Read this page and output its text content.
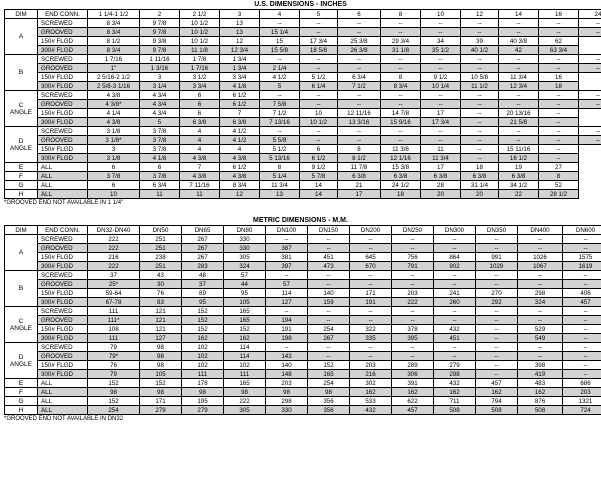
U.S. DIMENSIONS - INCHES
DIM	END CONN.	1 1/4-1 1/2	2	2 1/2	3	4	5	6	8	10	12	14	16	24
A	SCREWED	8 3/4	9 7/8	10 1/2	13	--	--	--	--	--	--	--	--	--
	GROOVED	8 3/4	9 7/8	10 1/2	13	15 1/4	--	--	--	--	--	--	--	--
	150# FLGD	8 1/2	9 3/8	10 1/2	12	15	17 3/4	25 3/8	29 3/4	34	39	40 3/8	62	
	300# FLGD	8 3/4	9 7/8	11 1/8	12 3/4	15 5/8	18 5/8	26 3/8	31 1/8	35 1/2	40 1/2	42	63 3/4	
B	SCREWED	1 7/16	1 11/16	1 7/8	1 3/4	--	--	--	--	--	--	--	--	--
	GROOVED	1"	1 3/16	1 7/16	1 3/4	2 1/4	--	--	--	--	--	--	--	--
	150# FLGD	2 5/16-2 1/2	3	3 1/2	3 3/4	4 1/2	5 1/2	6 3/4	8	9 1/2	10 5/8	11 3/4	16	
	300# FLGD	2 5/8-3 1/16	3 1/4	3 3/4	4 1/8	5	6 1/4	7 1/2	8 3/4	10 1/4	11 1/2	12 3/4	18	
C
ANGLE	SCREWED	4 3/8	4 3/4	6	6 1/2	--	--	--	--	--	--	--	--	--
	GROOVED	4 3/8*	4 3/4	6	6 1/2	7 5/8	--	--	--	--	--	--	--	--
	150# FLGD	4 1/4	4 3/4	6	7	7 1/2	10	12 11/16	14 7/8	17	--	20 13/16	--	
	300# FLGD	4 3/8	5	6 3/8	6 3/8	7 13/16	10 1/2	13 3/16	15 9/16	17 3/4	--	21 5/8	--	
D
ANGLE	SCREWED	3 1/8	3 7/8	4	4 1/2	--	--	--	--	--	--	--	--	--
	GROOVED	3 1/8*	3 7/8	4	4 1/2	5 5/8	--	--	--	--	--	--	--	--
	150# FLGD	3	3 7/8	4	4	5 1/2	6	8	11 3/8	11	--	15 11/16	--	
	300# FLGD	3 1/8	4 1/8	4 3/8	4 3/8	5 13/16	6 1/2	8 1/2	12 1/16	11 3/4	--	16 1/2	--	
E	ALL	6	6	7	6 1/2	8	9 1/2	11 7/8	15 3/8	17	18	19	27	
F	ALL	3 7/8	3 7/8	4 3/8	4 3/8	5 1/4	5 7/8	6 3/8	6 3/8	6 3/8	6 3/8	6 3/8	8	
G	ALL	6	6 3/4	7 11/16	8 3/4	11 3/4	14	21	24 1/2	28	31 1/4	34 1/2	52	
H	ALL	10	11	11	12	13	14	17	18	20	20	22	28 1/2	
*GROOVED END NOT AVAILABLE IN 1 1/4"
METRIC DIMENSIONS - M.M.
DIM	END CONN.	DN32-DN40	DN50	DN65	DN80	DN100	DN150	DN200	DN250	DN300	DN350	DN400	DN600
A	SCREWED	222	251	267	330	--	--	--	--	--	--	--	--
	GROOVED	222	251	267	330	387	--	--	--	--	--	--	--
	150# FLGD	216	238	267	305	381	451	645	756	864	991	1026	1575
	300# FLGD	222	251	283	324	397	473	670	791	902	1029	1067	1619
B	SCREWED	37	43	48	57	--	--	--	--	--	--	--	--
	GROOVED	25*	30	37	44	57	--	--	--	--	--	--	--
	150# FLGD	59-64	76	89	95	114	140	171	203	241	270	298	406
	300# FLGD	67-78	83	95	105	127	159	191	222	260	292	324	457
C
ANGLE	SCREWED	111	121	152	165	--	--	--	--	--	--	--	--
	GROOVED	111*	121	152	165	194	--	--	--	--	--	--	--
	150# FLGD	108	121	152	152	191	254	322	378	432	--	529	--
	300# FLGD	111	127	162	162	198	267	335	395	451	--	549	--
D
ANGLE	SCREWED	79	98	102	114	--	--	--	--	--	--	--	--
	GROOVED	79*	98	102	114	143	--	--	--	--	--	--	--
	150# FLGD	76	98	102	102	140	152	203	289	279	--	398	--
	300# FLGD	79	105	111	111	148	165	216	306	298	--	419	--
E	ALL	152	152	178	165	203	254	302	391	432	457	483	686
F	ALL	98	98	98	98	98	98	162	162	162	162	162	203
G	ALL	152	171	195	222	298	356	533	622	711	794	876	1321
H	ALL	254	279	279	305	330	356	432	457	508	508	508	724
*GROOVED END NOT AVAILABLE IN DN32
